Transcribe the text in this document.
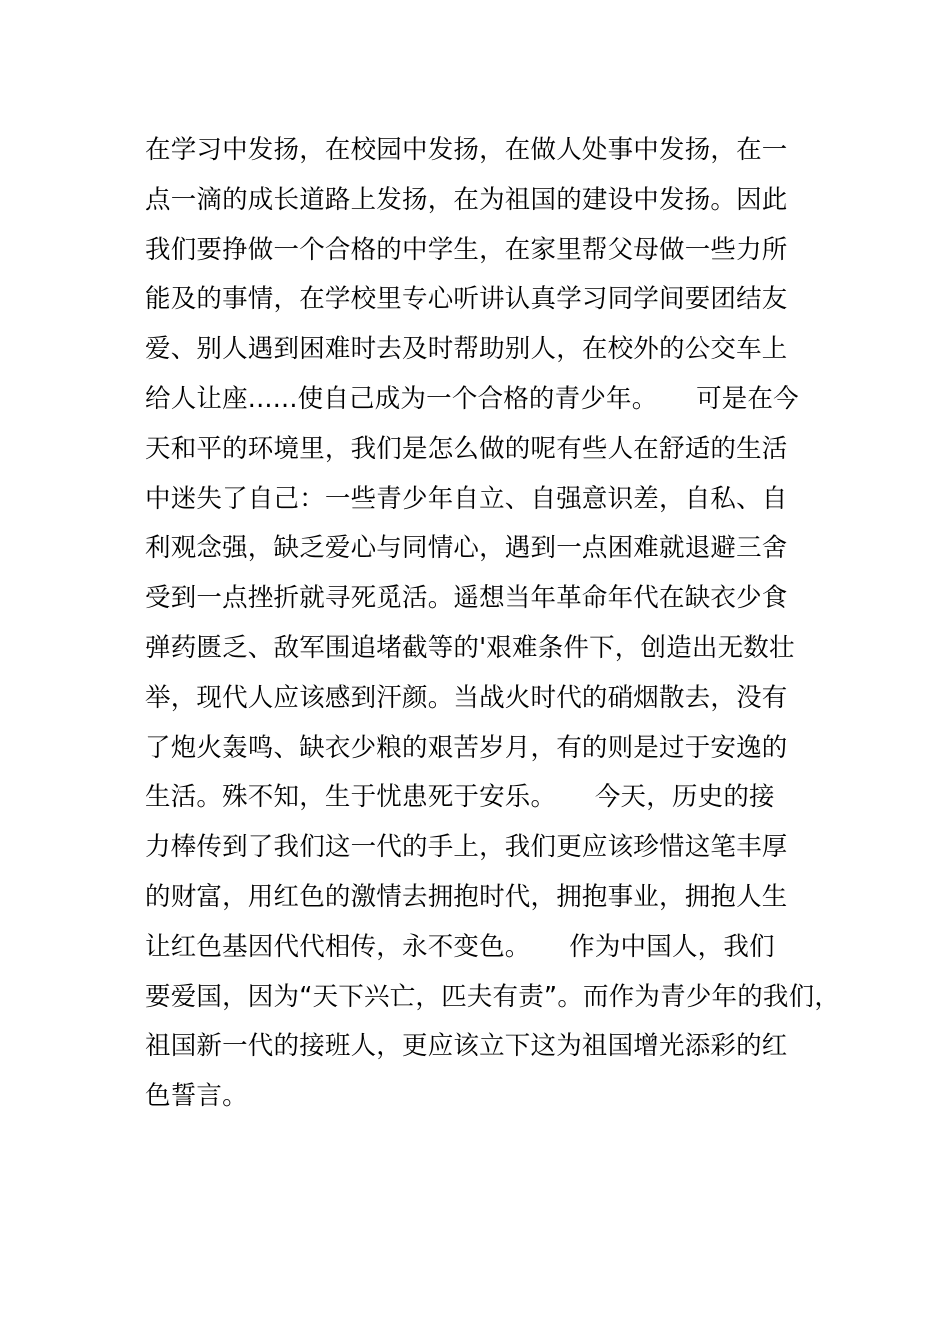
在学习中发扬，在校园中发扬，在做人处事中发扬，在一
点一滴的成长道路上发扬，在为祖国的建设中发扬。因此
我们要挣做一个合格的中学生，在家里帮父母做一些力所
能及的事情，在学校里专心听讲认真学习同学间要团结友
爱、别人遇到困难时去及时帮助别人，在校外的公交车上
给人让座......使自己成为一个合格的青少年。　　可是在今
天和平的环境里，我们是怎么做的呢有些人在舒适的生活
中迷失了自己：一些青少年自立、自强意识差，自私、自
利观念强，缺乏爱心与同情心，遇到一点困难就退避三舍
受到一点挫折就寻死觅活。遥想当年革命年代在缺衣少食
弹药匮乏、敌军围追堵截等的'艰难条件下，创造出无数壮
举，现代人应该感到汗颜。当战火时代的硝烟散去，没有
了炮火轰鸣、缺衣少粮的艰苦岁月，有的则是过于安逸的
生活。殊不知，生于忧患死于安乐。　　今天，历史的接
力棒传到了我们这一代的手上，我们更应该珍惜这笔丰厚
的财富，用红色的激情去拥抱时代，拥抱事业，拥抱人生
让红色基因代代相传，永不变色。　　作为中国人，我们
要爱国，因为“天下兴亡，匹夫有责”。而作为青少年的我们，
祖国新一代的接班人，更应该立下这为祖国增光添彩的红
色誓言。
